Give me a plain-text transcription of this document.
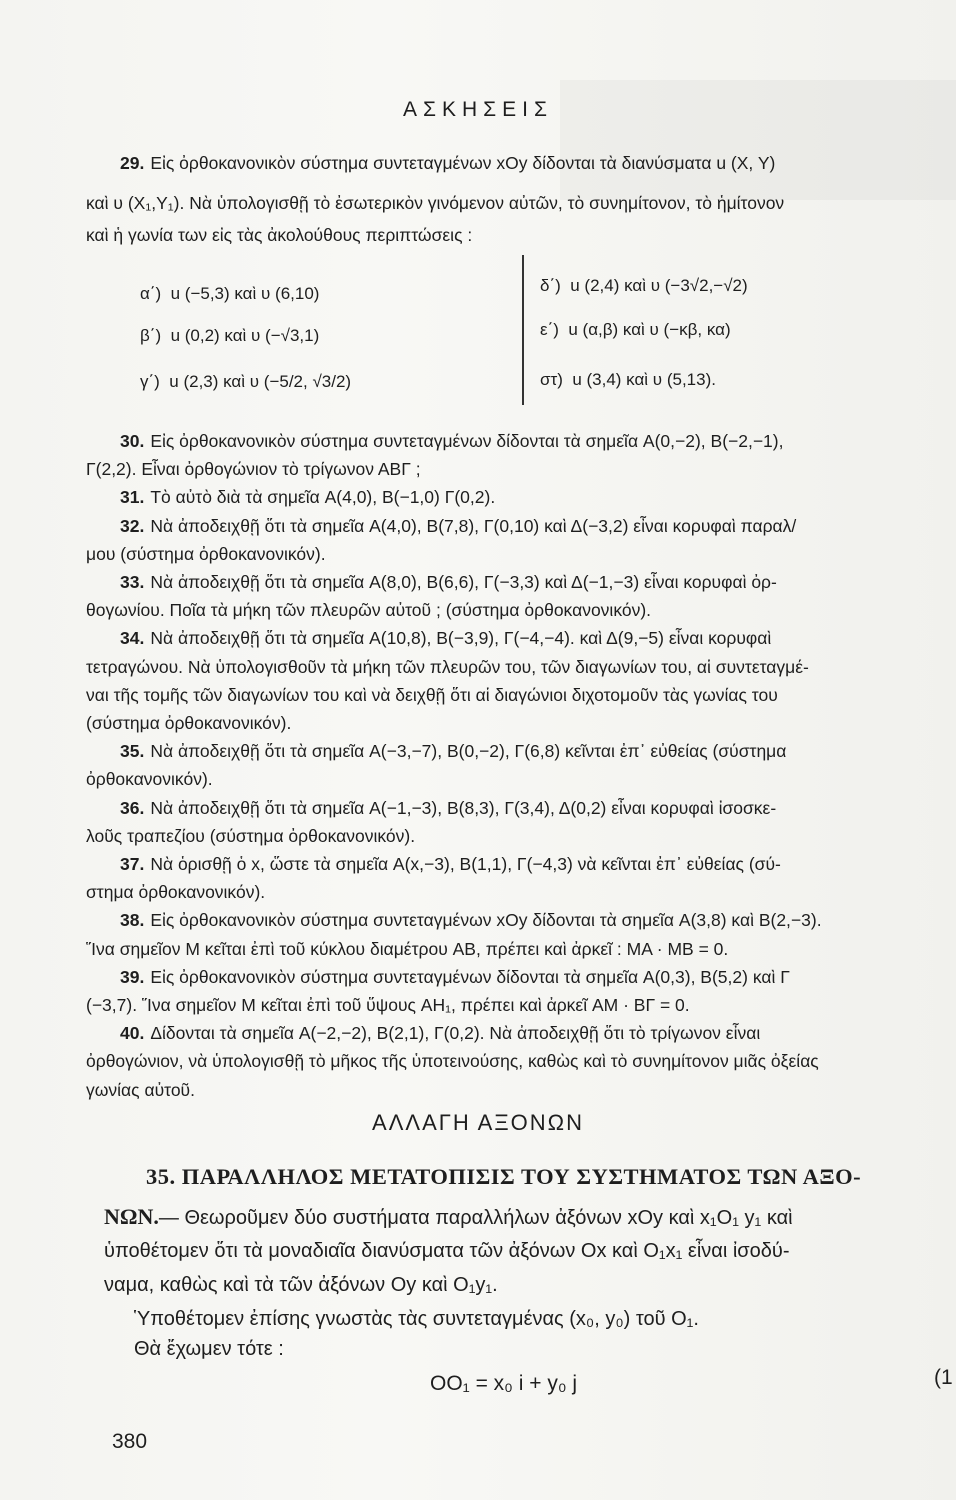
ΑΣΚΗΣΕΙΣ
29. Εἰς ὀρθοκανονικὸν σύστημα συντεταγμένων xOy δίδονται τὰ διανύσματα u (X, Y)
καὶ υ (X₁,Y₁). Νὰ ὑπολογισθῇ τὸ ἐσωτερικὸν γινόμενον αὐτῶν, τὸ συνημίτονον, τὸ ἡμίτονον
καὶ ἡ γωνία των εἰς τὰς ἀκολούθους περιπτώσεις :
α΄) u (−5,3) καὶ υ (6,10)
β΄) u (0,2) καὶ υ (−√3,1)
γ΄) u (2,3) καὶ υ (−5/2, √3/2)
δ΄) u (2,4) καὶ υ (−3√2,−√2)
ε΄) u (α,β) καὶ υ (−κβ, κα)
στ) u (3,4) καὶ υ (5,13).
30. Εἰς ὀρθοκανονικὸν σύστημα συντεταγμένων δίδονται τὰ σημεῖα A(0,−2), B(−2,−1),
Γ(2,2). Εἶναι ὀρθογώνιον τὸ τρίγωνον ΑΒΓ ;
31. Τὸ αὐτὸ διὰ τὰ σημεῖα A(4,0), B(−1,0) Γ(0,2).
32. Νὰ ἀποδειχθῇ ὅτι τὰ σημεῖα A(4,0), B(7,8), Γ(0,10) καὶ Δ(−3,2) εἶναι κορυφαὶ παραλ/
μου (σύστημα ὀρθοκανονικόν).
33. Νὰ ἀποδειχθῇ ὅτι τὰ σημεῖα A(8,0), B(6,6), Γ(−3,3) καὶ Δ(−1,−3) εἶναι κορυφαὶ ὀρ-
θογωνίου. Ποῖα τὰ μήκη τῶν πλευρῶν αὐτοῦ ; (σύστημα ὀρθοκανονικόν).
34. Νὰ ἀποδειχθῇ ὅτι τὰ σημεῖα A(10,8), B(−3,9), Γ(−4,−4). καὶ Δ(9,−5) εἶναι κορυφαὶ
τετραγώνου. Νὰ ὑπολογισθοῦν τὰ μήκη τῶν πλευρῶν του, τῶν διαγωνίων του, αἱ συντεταγμέ-
ναι τῆς τομῆς τῶν διαγωνίων του καὶ νὰ δειχθῇ ὅτι αἱ διαγώνιοι διχοτομοῦν τὰς γωνίας του
(σύστημα ὀρθοκανονικόν).
35. Νὰ ἀποδειχθῇ ὅτι τὰ σημεῖα A(−3,−7), B(0,−2), Γ(6,8) κεῖνται ἐπ᾽ εὐθείας (σύστημα
ὀρθοκανονικόν).
36. Νὰ ἀποδειχθῇ ὅτι τὰ σημεῖα A(−1,−3), B(8,3), Γ(3,4), Δ(0,2) εἶναι κορυφαὶ ἰσοσκε-
λοῦς τραπεζίου (σύστημα ὀρθοκανονικόν).
37. Νὰ ὁρισθῇ ὁ x, ὥστε τὰ σημεῖα A(x,−3), B(1,1), Γ(−4,3) νὰ κεῖνται ἐπ᾽ εὐθείας (σύ-
στημα ὀρθοκανονικόν).
38. Εἰς ὀρθοκανονικὸν σύστημα συντεταγμένων xOy δίδονται τὰ σημεῖα A(3,8) καὶ B(2,−3).
Ἵνα σημεῖον M κεῖται ἐπὶ τοῦ κύκλου διαμέτρου AB, πρέπει καὶ ἀρκεῖ : MA · MB = 0.
39. Εἰς ὀρθοκανονικὸν σύστημα συντεταγμένων δίδονται τὰ σημεῖα A(0,3), B(5,2) καὶ Γ
(−3,7). Ἵνα σημεῖον M κεῖται ἐπὶ τοῦ ὕψους AH₁, πρέπει καὶ ἀρκεῖ AM · BΓ = 0.
40. Δίδονται τὰ σημεῖα A(−2,−2), B(2,1), Γ(0,2). Νὰ ἀποδειχθῇ ὅτι τὸ τρίγωνον εἶναι
ὀρθογώνιον, νὰ ὑπολογισθῇ τὸ μῆκος τῆς ὑποτεινούσης, καθὼς καὶ τὸ συνημίτονον μιᾶς ὀξείας
γωνίας αὐτοῦ.
ΑΛΛΑΓΗ ΑΞΟΝΩΝ
35. ΠΑΡΑΛΛΗΛΟΣ ΜΕΤΑΤΟΠΙΣΙΣ ΤΟΥ ΣΥΣΤΗΜΑΤΟΣ ΤΩΝ ΑΞΟ-
ΝΩΝ.— Θεωροῦμεν δύο συστήματα παραλλήλων ἀξόνων xOy καὶ x₁O₁ y₁ καὶ
ὑποθέτομεν ὅτι τὰ μοναδιαῖα διανύσματα τῶν ἀξόνων Ox καὶ O₁x₁ εἶναι ἰσοδύ-
ναμα, καθὼς καὶ τὰ τῶν ἀξόνων Oy καὶ O₁y₁.
Ὑποθέτομεν ἐπίσης γνωστὰς τὰς συντεταγμένας (x₀, y₀) τοῦ O₁.
Θὰ ἔχωμεν τότε :
OO₁ = x₀ i + y₀ j	(1
380
